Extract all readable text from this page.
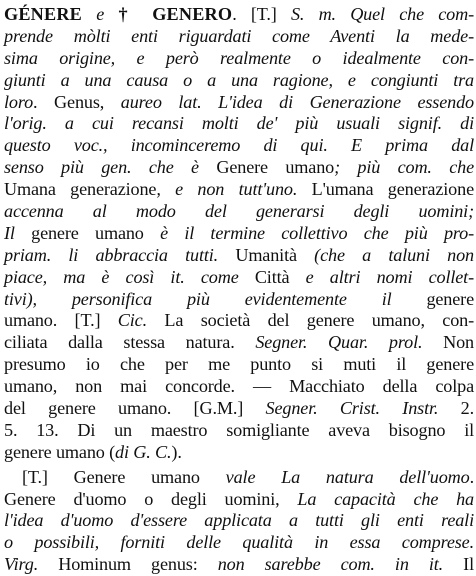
GÉNERE e † GENERO. [T.] S. m. Quel che com-
prende mòlti enti riguardati come Aventi la mede-
sima origine, e però realmente o idealmente con-
giunti a una causa o a una ragione, e congiunti tra
loro. Genus, aureo lat. L'idea di Generazione essendo
l'orig. a cui recansi molti de' più usuali signif. di
questo voc., incominceremo di qui. E prima dal
senso più gen. che è Genere umano; più com. che
Umana generazione, e non tutt'uno. L'umana generazione
accenna al modo del generarsi degli uomini;
Il genere umano è il termine collettivo che più pro-
priam. li abbraccia tutti. Umanità (che a taluni non
piace, ma è così it. come Città e altri nomi collet-
tivi), personifica più evidentemente il genere
umano. [T.] Cic. La società del genere umano, con-
ciliata dalla stessa natura. Segner. Quar. prol. Non
presumo io che per me punto si muti il genere
umano, non mai concorde. — Macchiato della colpa
del genere umano. [G.M.] Segner. Crist. Instr. 2.
5. 13. Di un maestro somigliante aveva bisogno il
genere umano (di G. C.).
[T.] Genere umano vale La natura dell'uomo.
Genere d'uomo o degli uomini, La capacità che ha
l'idea d'uomo d'essere applicata a tutti gli enti reali
o possibili, forniti delle qualità in essa comprese.
Virg. Hominum genus: non sarebbe com. in it. Il
